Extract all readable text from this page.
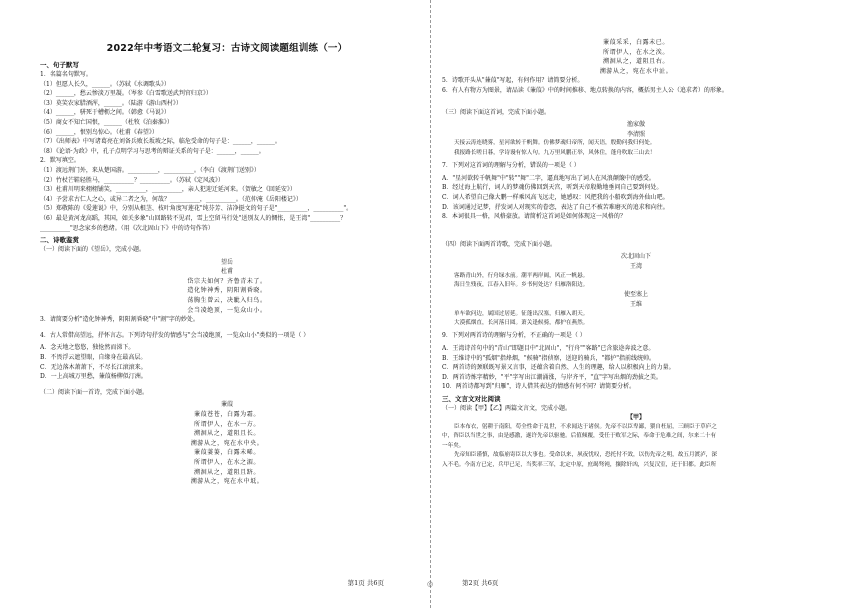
2022年中考语文二轮复习：古诗文阅读题组训练（一）
一、句子默写
1．名篇名句默写。
（1）但愿人长久，______。（苏轼《水调歌头》）
（2）______，愁云惨淡万里凝。（岑参《白雪歌送武判官归京》）
（3）莫笑农家腊酒浑，______。（陆游《游山西村》）
（4）______，骈死于槽枥之间。（韩愈《马说》）
（5）商女不知亡国恨，______（杜牧《泊秦淮》）
（6）______，恨别鸟惊心。（杜甫《春望》）
（7）《出师表》中写诸葛亮在刘备兵败长坂坡之际，临危受命的句子是：______，______。
（8）《论语·为政》中，孔子点明学习与思考的辩证关系的句子是：______，______。
2．默写填空。
（1）渡远荆门外，来从楚国游。__________，__________。（李白《渡荆门送别》）
（2）竹杖芒鞋轻胜马，__________？__________。（苏轼《定风波》）
（3）杜甫川明来栩栩铺笑，__________，__________，亲人犯迎迁延河来。（贺敏之《回延安》）
（4）予尝求古仁人之心，或异二者之为，何哉？__________，__________。（范仲淹《岳阳楼记》）
（5）郑敬陈的《爱莲说》中，分别从根茎、枝叶角度写莲花"纯芬芳、洁净挺文的句子是"__________，__________"。
（6）最是黄河龙高蹈，其国，如关多象"山回路转不见君，雪上空留马行处"送别友人的惆怅，是王湾"__________？
__________"思念家乡的愁绪。（用《次北固山下》中的诗句作答）
二、诗歌鉴赏
（一）阅读下面的《望岳》，完成小题。
望岳
杜甫
岱宗夫如何？齐鲁青未了。
造化钟神秀，阴阳割昏晓。
荡胸生曾云，决眦入归鸟。
会当凌绝顶，一览众山小。
3．请简要分析"造化钟神秀，阴阳割昏晓"中"割"字的妙处。
4．古人常借高望远，抒怀言志。下列诗句抒发的情感与"会当凌绝顶，一览众山小"类似的一项是（ ）
A．念天地之悠悠，独怆然而涕下。
B．不畏浮云遮望眼，自缘身在最高层。
C．无边落木萧萧下，不尽长江滚滚来。
D．一上高城万里愁，蒹葭杨柳似汀洲。
（二）阅读下面一首诗，完成下面小题。
蒹葭
蒹葭苍苍，白露为霜。
所谓伊人，在水一方。
溯洄从之，道阻且长。
溯游从之，宛在水中央。
蒹葭萋萋，白露未晞。
所谓伊人，在水之湄。
溯洄从之，道阻且跻。
溯游从之，宛在水中坻。
第1页 共6页	◎
蒹葭采采，白露未已。
所谓伊人，在水之涘。
溯洄从之，道阻且右。
溯游从之，宛在水中沚。
5．诗歌开头从"蒹葭"写起，有何作用？请简要分析。
6．有人有物方为图景，请品读《蒹葭》中的时间推移、地点转换的内容，概括男主人公（追求者）的形象。
（三）阅读下面这首词，完成下面小题。
渔家傲
李清照
天接云涛连晓雾，星河欲转千帆舞。仿佛梦魂归帝所，闻天语，殷勤问我归何处。
我报路长嗟日暮，学诗谩有惊人句。九万里风鹏正举，风休住，蓬舟吹取三山去！
7．下列对这首词的理解与分析，错误的一项是（ ）
A．"星河欲转千帆舞"中"转""舞"二字，逼真地写出了词人在风浪颠簸中的感受。
B．经过海上航行，词人的梦魂仿佛回到天宫，听到天帝殷勤地垂问自己要到何处。
C．词人希望自己像大鹏一样乘风高飞远走，她感叹：风把我的小船吹到海外仙山吧。
D．该词通过记梦，抒发词人对现实的眷恋，表达了自己不被苦难磨灭的追求和向往。
8．本词很具一格，风格豪放。请简析这首词是如何体现这一风格的？
（四）阅读下面两首诗歌，完成下面小题。
次北固山下
王湾
客路青山外，行舟绿水前。潮平两岸阔，风正一帆悬。
海日生残夜，江春入旧年。乡书何处达？归雁洛阳边。
使至塞上
王维
单车欲问边，属国过居延。征蓬出汉塞，归雁入胡天。
大漠孤烟直，长河落日圆。萧关逢候骑，都护在燕然。
9．下列对两首诗的理解与分析，不正确的一项是（ ）
A．王湾诗首句中的"青山"即题目中"北固山"，"行舟""客路"已含旅途奔波之意。
B．王维诗中的"孤烟"指烽烟，"候骑"指侦察，送迎的骑兵，"都护"指前线统帅。
C．两首诗的颈联既写景又言事，还蕴含着自然、人生的理趣，给人以积极向上的力量。
D．两首诗炼字精妙，"平"字写出江潮涌涨，与岸齐平，"直"字写出烟的劲拔之美。
10．两首诗都写到"归雁"，诗人借其表达的情感有何不同？请简要分析。
三、文言文对比阅读
（一）阅读【甲】【乙】两篇文言文，完成小题。
【甲】
臣本布衣，躬耕于南阳，苟全性命于乱世，不求闻达于诸侯。先帝不以臣卑鄙，猥自枉屈，三顾臣于草庐之
中，咨臣以当世之事，由是感激，遂许先帝以驱驰。后值倾覆，受任于败军之际，奉命于危难之间，尔来二十有
一年矣。
先帝知臣谨慎，故临崩寄臣以大事也。受命以来，夙夜忧叹，恐托付不效，以伤先帝之明，故五月渡泸，深
入不毛。今南方已定，兵甲已足，当奖率三军，北定中原，庶竭驽钝，攘除奸凶，兴复汉室，还于旧都。此臣所
第2页 共6页
